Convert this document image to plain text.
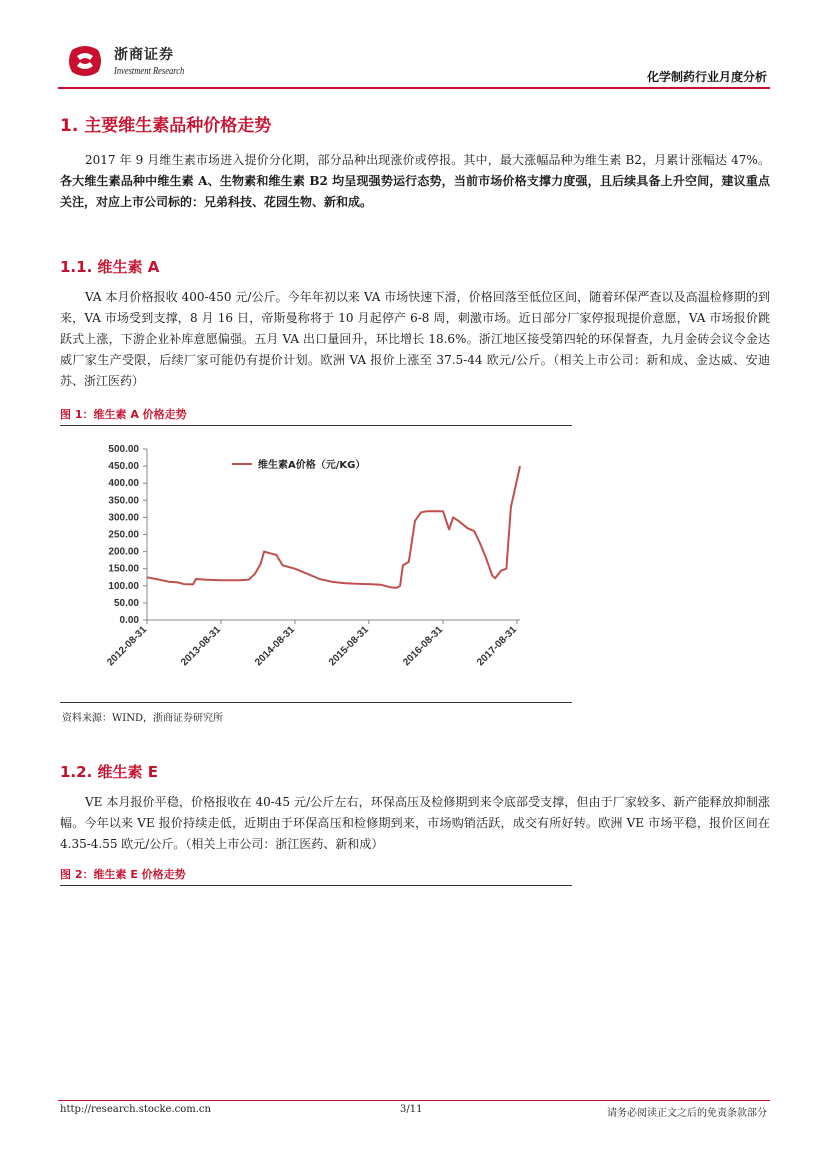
浙商证券
Investment Research	化学制药行业月度分析
1. 主要维生素品种价格走势
2017 年 9 月维生素市场进入提价分化期，部分品种出现涨价或停报。其中，最大涨幅品种为维生素 B2，月累计涨幅达 47%。各大维生素品种中维生素 A、生物素和维生素 B2 均呈现强势运行态势，当前市场价格支撑力度强，且后续具备上升空间，建议重点关注，对应上市公司标的：兄弟科技、花园生物、新和成。
1.1. 维生素 A
VA 本月价格报收 400-450 元/公斤。今年年初以来 VA 市场快速下滑，价格回落至低位区间，随着环保严查以及高温检修期的到来，VA 市场受到支撑，8 月 16 日，帝斯曼称将于 10 月起停产 6-8 周，刺激市场。近日部分厂家停报现提价意愿，VA 市场报价跳跃式上涨，下游企业补库意愿偏强。五月 VA 出口量回升，环比增长 18.6%。浙江地区接受第四轮的环保督查，九月金砖会议令金达威厂家生产受限，后续厂家可能仍有提价计划。欧洲 VA 报价上涨至 37.5-44 欧元/公斤。（相关上市公司：新和成、金达威、安迪苏、浙江医药）
图 1：维生素 A 价格走势
0.00
50.00
100.00
150.00
200.00
250.00
300.00
350.00
400.00
450.00
500.00
2012-08-31	2013-08-31	2014-08-31	2015-08-31	2016-08-31	2017-08-31
维生素A价格（元/KG）
资料来源：WIND，浙商证券研究所
1.2. 维生素 E
VE 本月报价平稳，价格报收在 40-45 元/公斤左右，环保高压及检修期到来令底部受支撑，但由于厂家较多、新产能释放抑制涨幅。今年以来 VE 报价持续走低，近期由于环保高压和检修期到来，市场购销活跃，成交有所好转。欧洲 VE 市场平稳，报价区间在 4.35-4.55 欧元/公斤。（相关上市公司：浙江医药、新和成）
图 2：维生素 E 价格走势
http://research.stocke.com.cn	3/11	请务必阅读正文之后的免责条款部分
